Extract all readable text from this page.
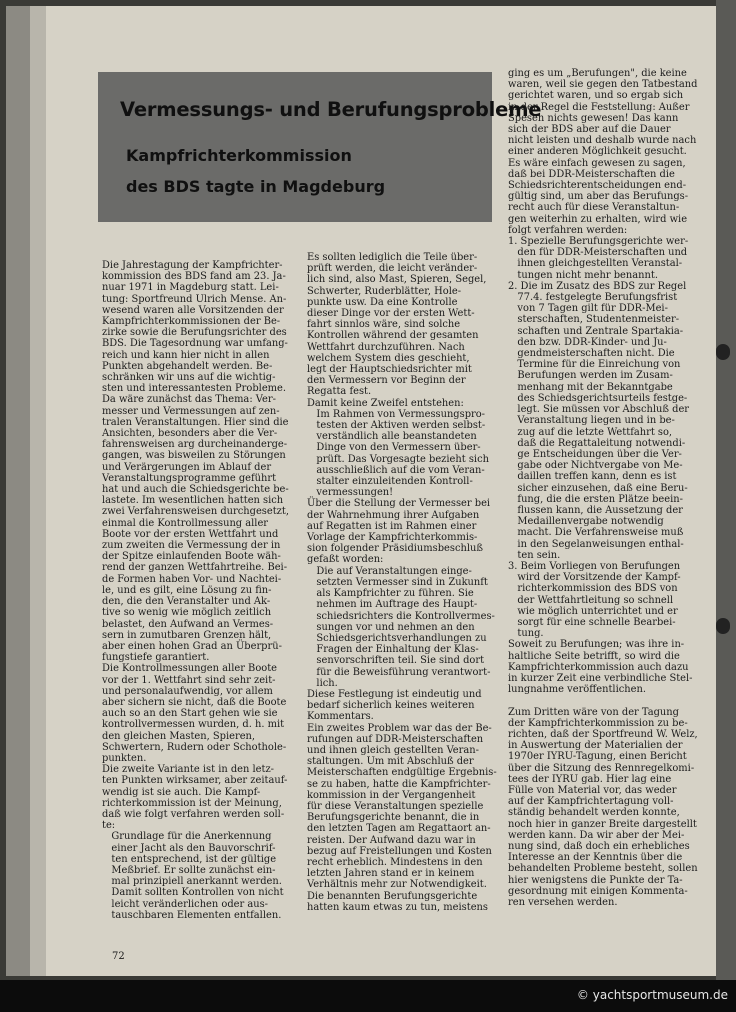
Vermessungs- und Berufungsprobleme
Kampfrichterkommission
des BDS tagte in Magdeburg
Die Jahrestagung der Kampfrichter-
kommission des BDS fand am 23. Ja-
nuar 1971 in Magdeburg statt. Lei-
tung: Sportfreund Ulrich Mense. An-
wesend waren alle Vorsitzenden der
Kampfrichterkommissionen der Be-
zirke sowie die Berufungsrichter des
BDS. Die Tagesordnung war umfang-
reich und kann hier nicht in allen
Punkten abgehandelt werden. Be-
schränken wir uns auf die wichtig-
sten und interessantesten Probleme.
Da wäre zunächst das Thema: Ver-
messer und Vermessungen auf zen-
tralen Veranstaltungen. Hier sind die
Ansichten, besonders aber die Ver-
fahrensweisen arg durcheinanderge-
gangen, was bisweilen zu Störungen
und Verärgerungen im Ablauf der
Veranstaltungsprogramme geführt
hat und auch die Schiedsgerichte be-
lastete. Im wesentlichen hatten sich
zwei Verfahrensweisen durchgesetzt,
einmal die Kontrollmessung aller
Boote vor der ersten Wettfahrt und
zum zweiten die Vermessung der in
der Spitze einlaufenden Boote wäh-
rend der ganzen Wettfahrtreihe. Bei-
de Formen haben Vor- und Nachtei-
le, und es gilt, eine Lösung zu fin-
den, die den Veranstalter und Ak-
tive so wenig wie möglich zeitlich
belastet, den Aufwand an Vermes-
sern in zumutbaren Grenzen hält,
aber einen hohen Grad an Überprü-
fungstiefe garantiert.
Die Kontrollmessungen aller Boote
vor der 1. Wettfahrt sind sehr zeit-
und personalaufwendig, vor allem
aber sichern sie nicht, daß die Boote
auch so an den Start gehen wie sie
kontrollvermessen wurden, d. h. mit
den gleichen Masten, Spieren,
Schwertern, Rudern oder Schothole-
punkten.
Die zweite Variante ist in den letz-
ten Punkten wirksamer, aber zeitauf-
wendig ist sie auch. Die Kampf-
richterkommission ist der Meinung,
daß wie folgt verfahren werden soll-
te:
Grundlage für die Anerkennung
einer Jacht als den Bauvorschrif-
ten entsprechend, ist der gültige
Meßbrief. Er sollte zunächst ein-
mal prinzipiell anerkannt werden.
Damit sollten Kontrollen von nicht
leicht veränderlichen oder aus-
tauschbaren Elementen entfallen.
Es sollten lediglich die Teile über-
prüft werden, die leicht veränder-
lich sind, also Mast, Spieren, Segel,
Schwerter, Ruderblätter, Hole-
punkte usw. Da eine Kontrolle
dieser Dinge vor der ersten Wett-
fahrt sinnlos wäre, sind solche
Kontrollen während der gesamten
Wettfahrt durchzuführen. Nach
welchem System dies geschieht,
legt der Hauptschiedsrichter mit
den Vermessern vor Beginn der
Regatta fest.
Damit keine Zweifel entstehen:
Im Rahmen von Vermessungspro-
testen der Aktiven werden selbst-
verständlich alle beanstandeten
Dinge von den Vermessern über-
prüft. Das Vorgesagte bezieht sich
ausschließlich auf die vom Veran-
stalter einzuleitenden Kontroll-
vermessungen!
Über die Stellung der Vermesser bei
der Wahrnehmung ihrer Aufgaben
auf Regatten ist im Rahmen einer
Vorlage der Kampfrichterkommis-
sion folgender Präsidiumsbeschluß
gefaßt worden:
Die auf Veranstaltungen einge-
setzten Vermesser sind in Zukunft
als Kampfrichter zu führen. Sie
nehmen im Auftrage des Haupt-
schiedsrichters die Kontrollvermes-
sungen vor und nehmen an den
Schiedsgerichtsverhandlungen zu
Fragen der Einhaltung der Klas-
senvorschriften teil. Sie sind dort
für die Beweisführung verantwort-
lich.
Diese Festlegung ist eindeutig und
bedarf sicherlich keines weiteren
Kommentars.
Ein zweites Problem war das der Be-
rufungen auf DDR-Meisterschaften
und ihnen gleich gestellten Veran-
staltungen. Um mit Abschluß der
Meisterschaften endgültige Ergebnis-
se zu haben, hatte die Kampfrichter-
kommission in der Vergangenheit
für diese Veranstaltungen spezielle
Berufungsgerichte benannt, die in
den letzten Tagen am Regattaort an-
reisten. Der Aufwand dazu war in
bezug auf Freistellungen und Kosten
recht erheblich. Mindestens in den
letzten Jahren stand er in keinem
Verhältnis mehr zur Notwendigkeit.
Die benannten Berufungsgerichte
hatten kaum etwas zu tun, meistens
ging es um „Berufungen", die keine
waren, weil sie gegen den Tatbestand
gerichtet waren, und so ergab sich
in der Regel die Feststellung: Außer
Spesen nichts gewesen! Das kann
sich der BDS aber auf die Dauer
nicht leisten und deshalb wurde nach
einer anderen Möglichkeit gesucht.
Es wäre einfach gewesen zu sagen,
daß bei DDR-Meisterschaften die
Schiedsrichterentscheidungen end-
gültig sind, um aber das Berufungs-
recht auch für diese Veranstaltun-
gen weiterhin zu erhalten, wird wie
folgt verfahren werden:
1. Spezielle Berufungsgerichte wer-
den für DDR-Meisterschaften und
ihnen gleichgestellten Veranstal-
tungen nicht mehr benannt.
2. Die im Zusatz des BDS zur Regel
77.4. festgelegte Berufungsfrist
von 7 Tagen gilt für DDR-Mei-
sterschaften, Studentenmeister-
schaften und Zentrale Spartakia-
den bzw. DDR-Kinder- und Ju-
gendmeisterschaften nicht. Die
Termine für die Einreichung von
Berufungen werden im Zusam-
menhang mit der Bekanntgabe
des Schiedsgerichtsurteils festge-
legt. Sie müssen vor Abschluß der
Veranstaltung liegen und in be-
zug auf die letzte Wettfahrt so,
daß die Regattaleitung notwendi-
ge Entscheidungen über die Ver-
gabe oder Nichtvergabe von Me-
daillen treffen kann, denn es ist
sicher einzusehen, daß eine Beru-
fung, die die ersten Plätze beein-
flussen kann, die Aussetzung der
Medaillenvergabe notwendig
macht. Die Verfahrensweise muß
in den Segelanweisungen enthal-
ten sein.
3. Beim Vorliegen von Berufungen
wird der Vorsitzende der Kampf-
richterkommission des BDS von
der Wettfahrtleitung so schnell
wie möglich unterrichtet und er
sorgt für eine schnelle Bearbei-
tung.
Soweit zu Berufungen; was ihre in-
haltliche Seite betrifft, so wird die
Kampfrichterkommission auch dazu
in kurzer Zeit eine verbindliche Stel-
lungnahme veröffentlichen.

Zum Dritten wäre von der Tagung
der Kampfrichterkommission zu be-
richten, daß der Sportfreund W. Welz,
in Auswertung der Materialien der
1970er IYRU-Tagung, einen Bericht
über die Sitzung des Rennregelkomi-
tees der IYRU gab. Hier lag eine
Fülle von Material vor, das weder
auf der Kampfrichtertagung voll-
ständig behandelt werden konnte,
noch hier in ganzer Breite dargestellt
werden kann. Da wir aber der Mei-
nung sind, daß doch ein erhebliches
Interesse an der Kenntnis über die
behandelten Probleme besteht, sollen
hier wenigstens die Punkte der Ta-
gesordnung mit einigen Kommenta-
ren versehen werden.
72
© yachtsportmuseum.de
